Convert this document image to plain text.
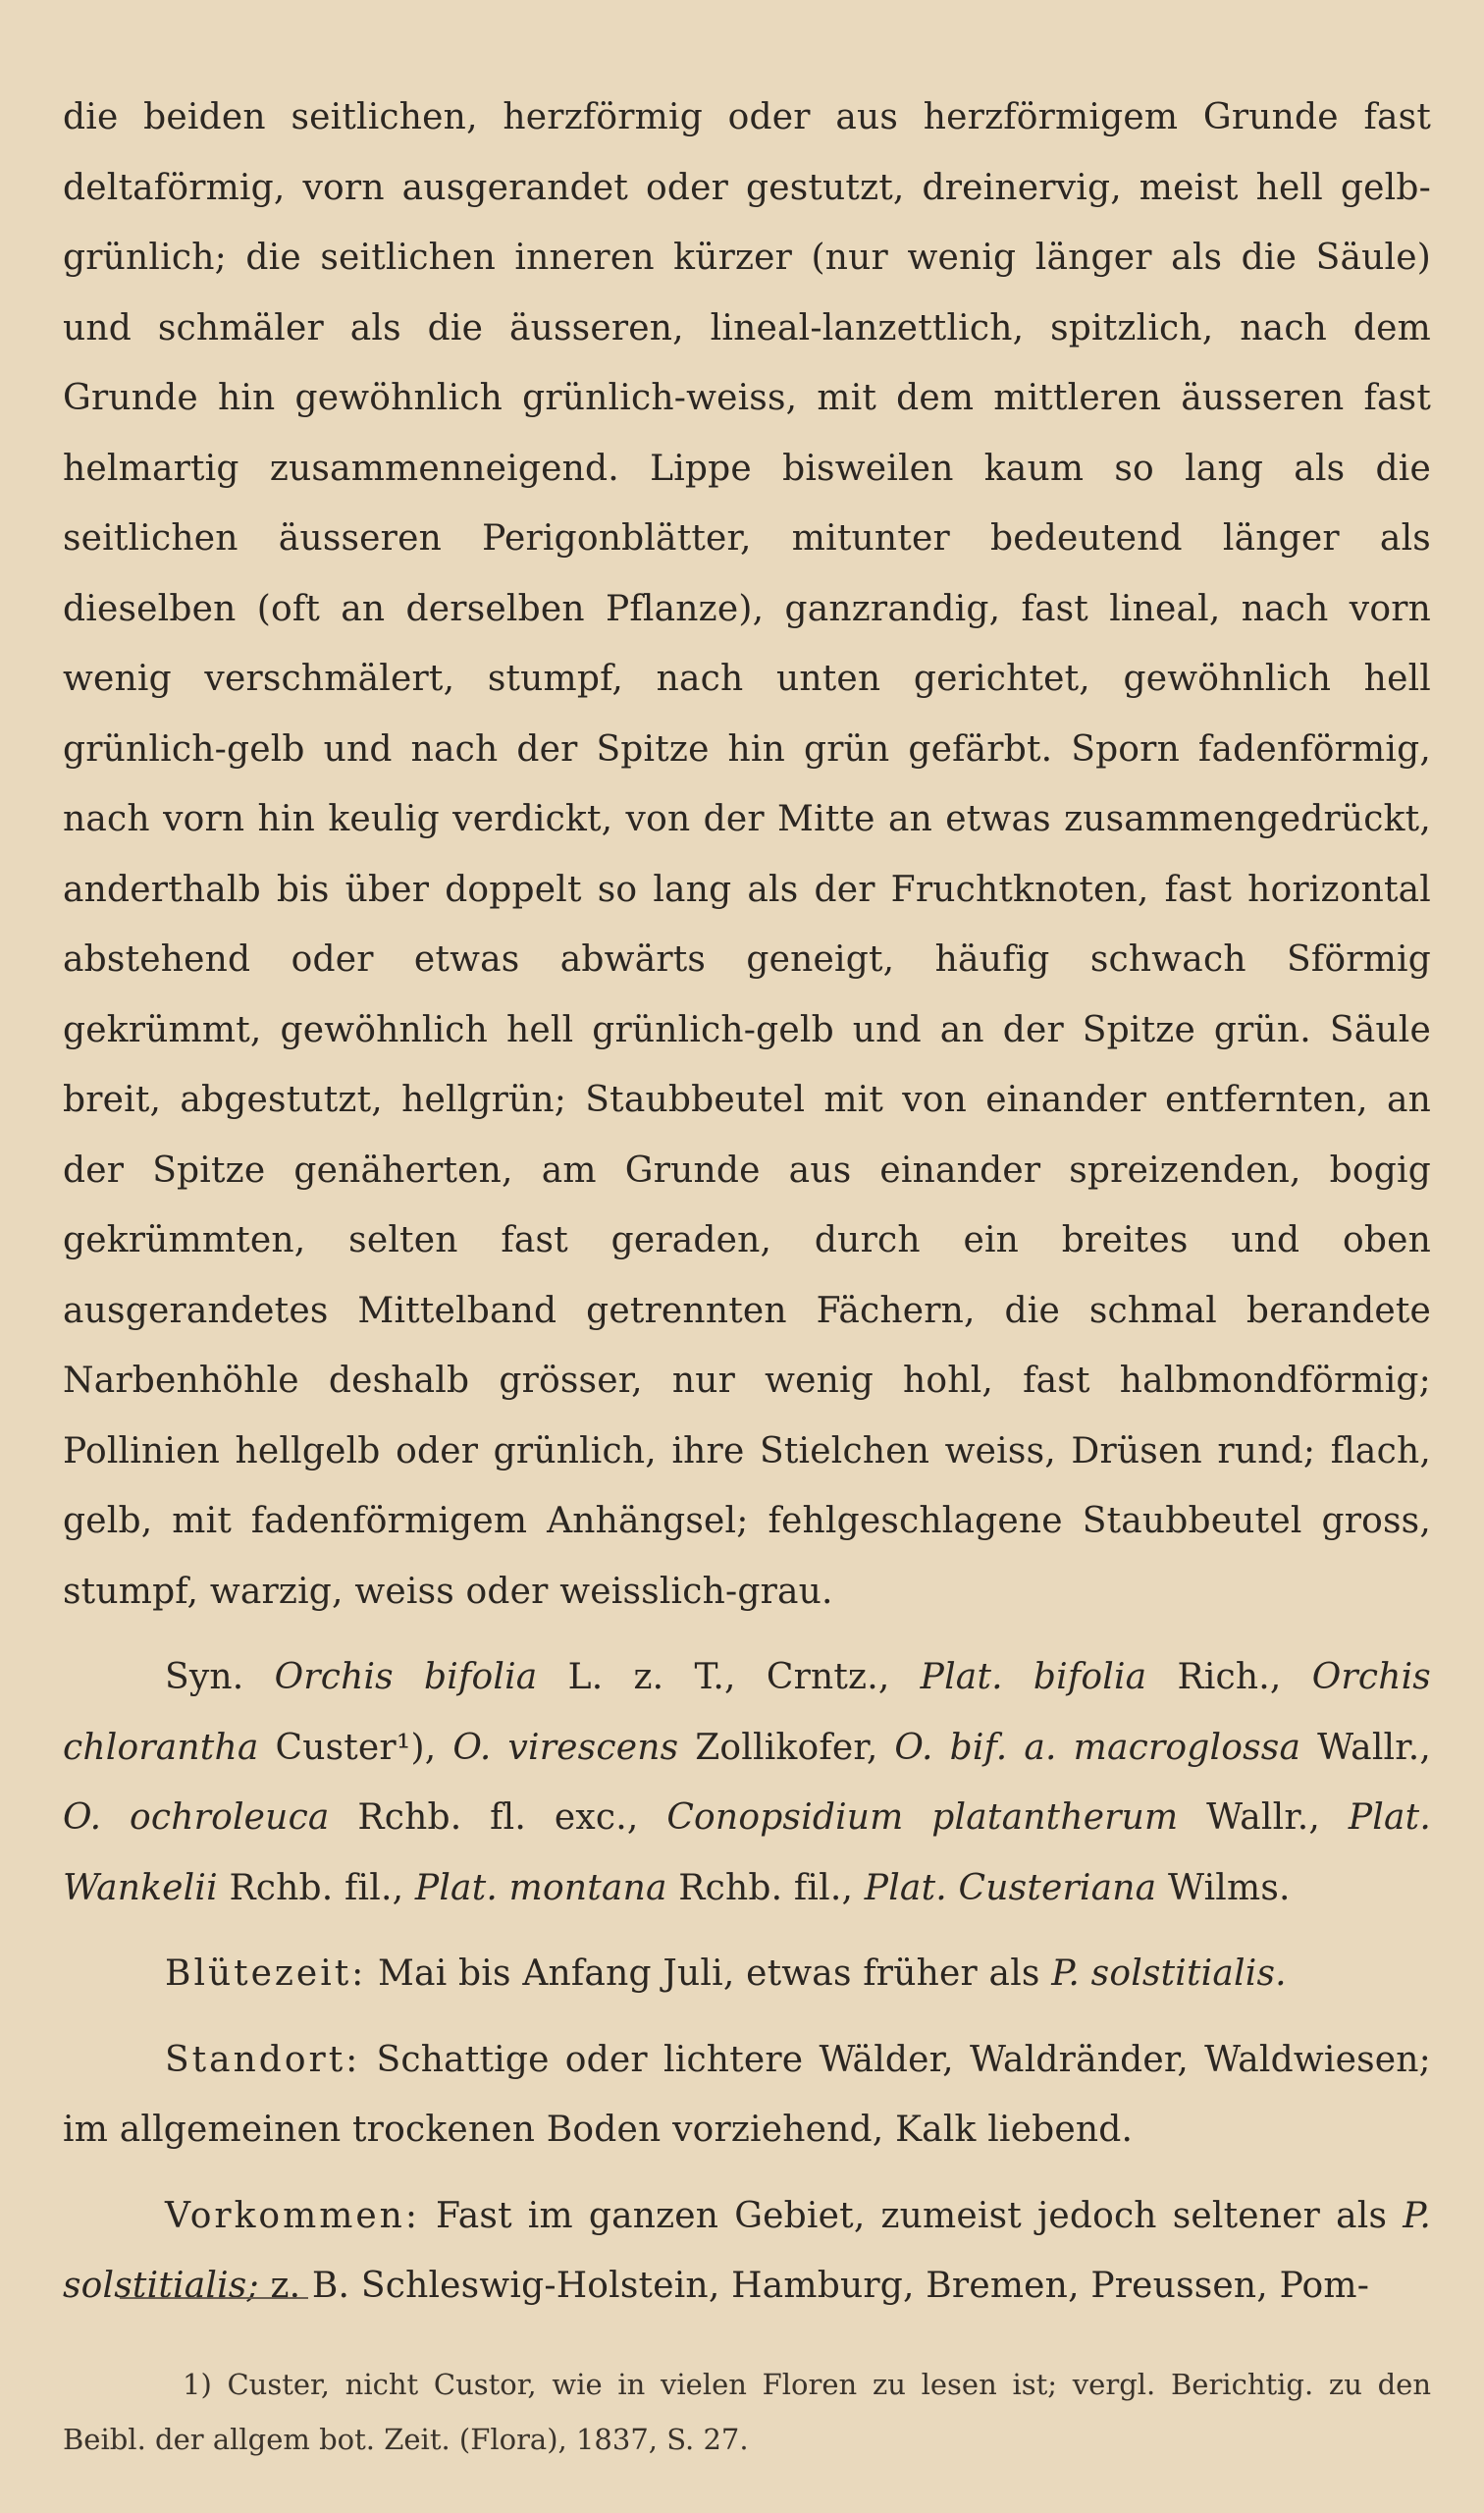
die beiden seitlichen, herzförmig oder aus herzförmigem Grunde fast deltaförmig, vorn ausgerandet oder gestutzt, dreinervig, meist hell gelb-grünlich; die seitlichen inneren kürzer (nur wenig länger als die Säule) und schmäler als die äusseren, lineal-lanzettlich, spitzlich, nach dem Grunde hin gewöhnlich grünlich-weiss, mit dem mittleren äusseren fast helmartig zusammenneigend. Lippe bisweilen kaum so lang als die seitlichen äusseren Perigonblätter, mitunter bedeutend länger als dieselben (oft an derselben Pflanze), ganzrandig, fast lineal, nach vorn wenig verschmälert, stumpf, nach unten gerichtet, gewöhnlich hell grünlich-gelb und nach der Spitze hin grün gefärbt. Sporn fadenförmig, nach vorn hin keulig verdickt, von der Mitte an etwas zusammengedrückt, anderthalb bis über doppelt so lang als der Fruchtknoten, fast horizontal abstehend oder etwas abwärts geneigt, häufig schwach Sförmig gekrümmt, gewöhnlich hell grünlich-gelb und an der Spitze grün. Säule breit, abgestutzt, hellgrün; Staubbeutel mit von einander entfernten, an der Spitze genäherten, am Grunde aus einander spreizenden, bogig gekrümmten, selten fast geraden, durch ein breites und oben ausgerandetes Mittelband getrennten Fächern, die schmal berandete Narbenhöhle deshalb grösser, nur wenig hohl, fast halbmondförmig; Pollinien hellgelb oder grünlich, ihre Stielchen weiss, Drüsen rund; flach, gelb, mit fadenförmigem Anhängsel; fehlgeschlagene Staubbeutel gross, stumpf, warzig, weiss oder weisslich-grau.

Syn. Orchis bifolia L. z. T., Crntz., Plat. bifolia Rich., Orchis chlorantha Custer¹), O. virescens Zollikofer, O. bif. a. macroglossa Wallr., O. ochroleuca Rchb. fl. exc., Conopsidium platantherum Wallr., Plat. Wankelii Rchb. fil., Plat. montana Rchb. fil., Plat. Custeriana Wilms.

Blütezeit: Mai bis Anfang Juli, etwas früher als P. solstitialis.

Standort: Schattige oder lichtere Wälder, Waldränder, Waldwiesen; im allgemeinen trockenen Boden vorziehend, Kalk liebend.

Vorkommen: Fast im ganzen Gebiet, zumeist jedoch seltener als P. solstitialis; z. B. Schleswig-Holstein, Hamburg, Bremen, Preussen, Pom-

1) Custer, nicht Custor, wie in vielen Floren zu lesen ist; vergl. Berichtig. zu den Beibl. der allgem bot. Zeit. (Flora), 1837, S. 27.
